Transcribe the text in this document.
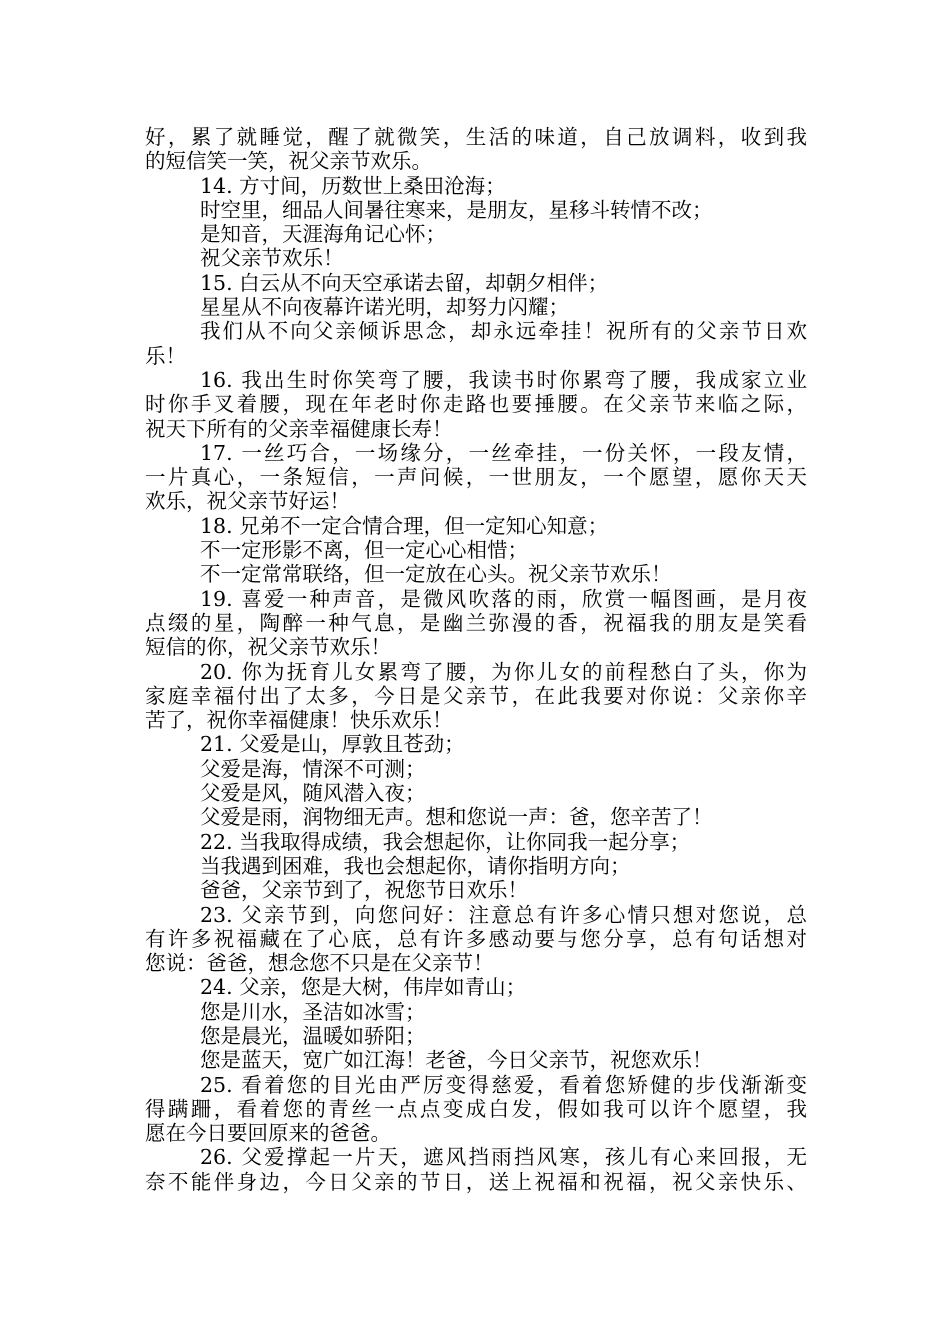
好，累了就睡觉，醒了就微笑，生活的味道，自己放调料，收到我
的短信笑一笑，祝父亲节欢乐。
14. 方寸间，历数世上桑田沧海；
时空里，细品人间暑往寒来，是朋友，星移斗转情不改；
是知音，天涯海角记心怀；
祝父亲节欢乐！
15. 白云从不向天空承诺去留，却朝夕相伴；
星星从不向夜幕许诺光明，却努力闪耀；
我们从不向父亲倾诉思念，却永远牵挂！祝所有的父亲节日欢
乐！
16. 我出生时你笑弯了腰，我读书时你累弯了腰，我成家立业
时你手叉着腰，现在年老时你走路也要捶腰。在父亲节来临之际，
祝天下所有的父亲幸福健康长寿！
17. 一丝巧合，一场缘分，一丝牵挂，一份关怀，一段友情，
一片真心，一条短信，一声问候，一世朋友，一个愿望，愿你天天
欢乐，祝父亲节好运！
18. 兄弟不一定合情合理，但一定知心知意；
不一定形影不离，但一定心心相惜；
不一定常常联络，但一定放在心头。祝父亲节欢乐！
19. 喜爱一种声音，是微风吹落的雨，欣赏一幅图画，是月夜
点缀的星，陶醉一种气息，是幽兰弥漫的香，祝福我的朋友是笑看
短信的你，祝父亲节欢乐！
20. 你为抚育儿女累弯了腰，为你儿女的前程愁白了头，你为
家庭幸福付出了太多，今日是父亲节，在此我要对你说：父亲你辛
苦了，祝你幸福健康！快乐欢乐！
21. 父爱是山，厚敦且苍劲；
父爱是海，情深不可测；
父爱是风，随风潜入夜；
父爱是雨，润物细无声。想和您说一声：爸，您辛苦了！
22. 当我取得成绩，我会想起你，让你同我一起分享；
当我遇到困难，我也会想起你，请你指明方向；
爸爸，父亲节到了，祝您节日欢乐！
23. 父亲节到，向您问好：注意总有许多心情只想对您说，总
有许多祝福藏在了心底，总有许多感动要与您分享，总有句话想对
您说：爸爸，想念您不只是在父亲节！
24. 父亲，您是大树，伟岸如青山；
您是川水，圣洁如冰雪；
您是晨光，温暖如骄阳；
您是蓝天，宽广如江海！老爸，今日父亲节，祝您欢乐！
25. 看着您的目光由严厉变得慈爱，看着您矫健的步伐渐渐变
得蹒跚，看着您的青丝一点点变成白发，假如我可以许个愿望，我
愿在今日要回原来的爸爸。
26. 父爱撑起一片天，遮风挡雨挡风寒，孩儿有心来回报，无
奈不能伴身边，今日父亲的节日，送上祝福和祝福，祝父亲快乐、
